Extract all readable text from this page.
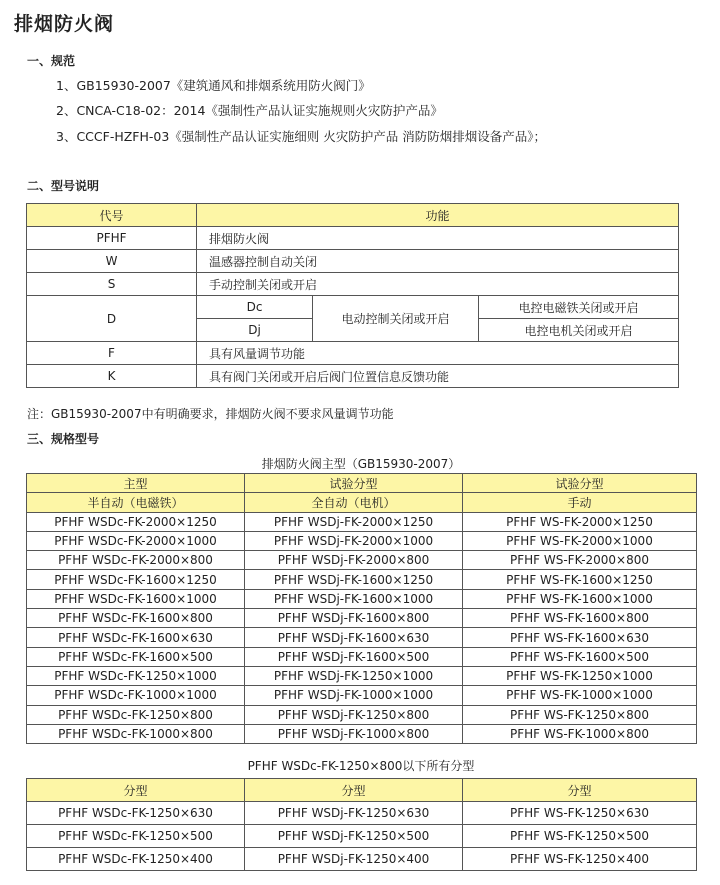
排烟防火阀
一、规范
1、GB15930-2007《建筑通风和排烟系统用防火阀门》
2、CNCA-C18-02：2014《强制性产品认证实施规则火灾防护产品》
3、CCCF-HZFH-03《强制性产品认证实施细则 火灾防护产品 消防防烟排烟设备产品》；
二、型号说明
代号	功能		
PFHF	排烟防火阀		
W	温感器控制自动关闭		
S	手动控制关闭或开启		
D	Dc	电动控制关闭或开启	电控电磁铁关闭或开启
	Dj		电控电机关闭或开启
F	具有风量调节功能		
K	具有阀门关闭或开启后阀门位置信息反馈功能		
注：GB15930-2007中有明确要求，排烟防火阀不要求风量调节功能
三、规格型号
排烟防火阀主型（GB15930-2007）
主型	试验分型	试验分型
半自动（电磁铁）	全自动（电机）	手动
PFHF WSDc-FK-2000×1250	PFHF WSDj-FK-2000×1250	PFHF WS-FK-2000×1250
PFHF WSDc-FK-2000×1000	PFHF WSDj-FK-2000×1000	PFHF WS-FK-2000×1000
PFHF WSDc-FK-2000×800	PFHF WSDj-FK-2000×800	PFHF WS-FK-2000×800
PFHF WSDc-FK-1600×1250	PFHF WSDj-FK-1600×1250	PFHF WS-FK-1600×1250
PFHF WSDc-FK-1600×1000	PFHF WSDj-FK-1600×1000	PFHF WS-FK-1600×1000
PFHF WSDc-FK-1600×800	PFHF WSDj-FK-1600×800	PFHF WS-FK-1600×800
PFHF WSDc-FK-1600×630	PFHF WSDj-FK-1600×630	PFHF WS-FK-1600×630
PFHF WSDc-FK-1600×500	PFHF WSDj-FK-1600×500	PFHF WS-FK-1600×500
PFHF WSDc-FK-1250×1000	PFHF WSDj-FK-1250×1000	PFHF WS-FK-1250×1000
PFHF WSDc-FK-1000×1000	PFHF WSDj-FK-1000×1000	PFHF WS-FK-1000×1000
PFHF WSDc-FK-1250×800	PFHF WSDj-FK-1250×800	PFHF WS-FK-1250×800
PFHF WSDc-FK-1000×800	PFHF WSDj-FK-1000×800	PFHF WS-FK-1000×800
PFHF WSDc-FK-1250×800以下所有分型
分型	分型	分型
PFHF WSDc-FK-1250×630	PFHF WSDj-FK-1250×630	PFHF WS-FK-1250×630
PFHF WSDc-FK-1250×500	PFHF WSDj-FK-1250×500	PFHF WS-FK-1250×500
PFHF WSDc-FK-1250×400	PFHF WSDj-FK-1250×400	PFHF WS-FK-1250×400
